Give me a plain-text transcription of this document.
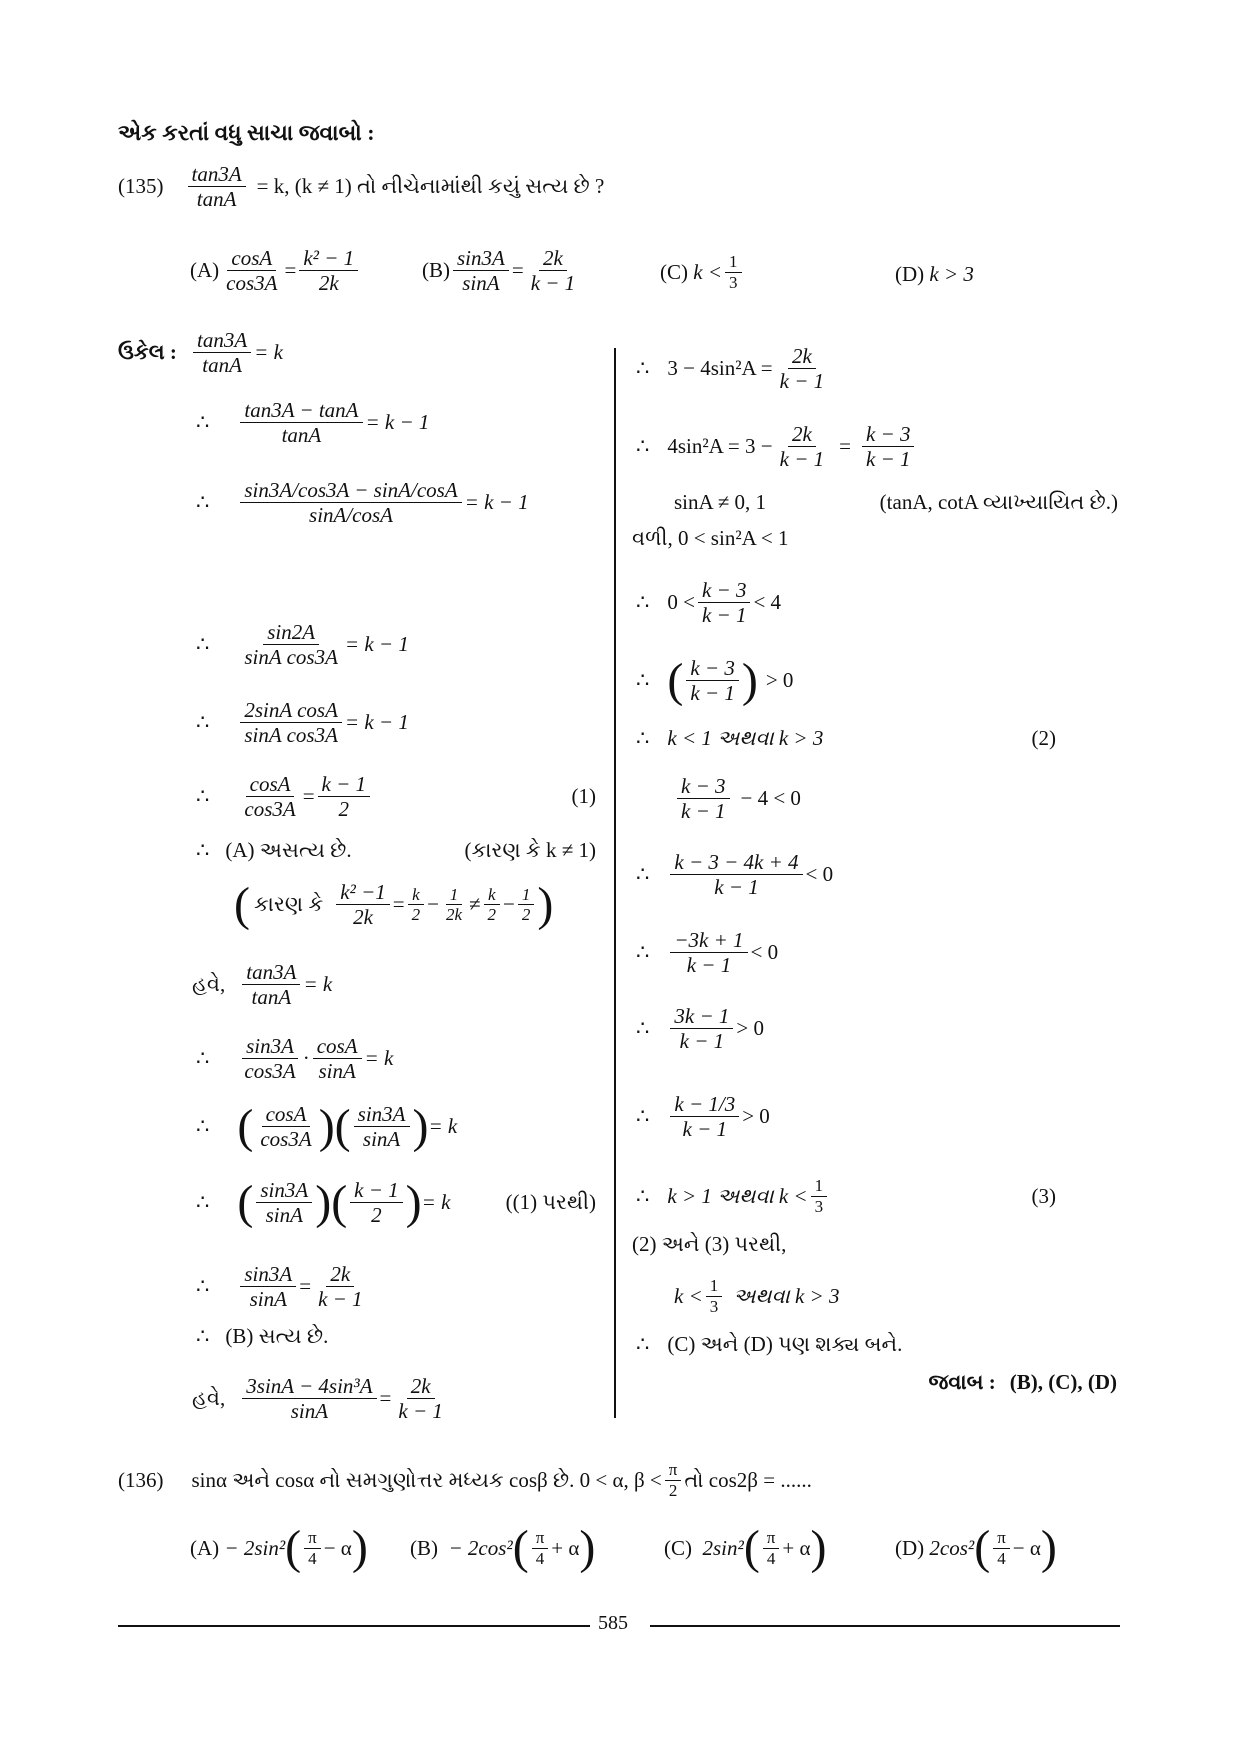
એક કરતાં વધુ સાચા જવાબો :
$(135) \frac{\tan 3A}{\tan A} = k$, (k ≠ 1) તો નીચેનામાંથી કયું સત્ય છે ?
$(A) \frac{\cos A}{\cos 3A} = \frac{\text{k² − 1}}{2k}$	$(B) \frac{\sin 3A}{\sin A} = \frac{2k}{k - 1}$	(C)
$k < \frac{1}{3}$	(D)
k > 3
ઉકેલ : $\frac{\tan 3A}{\tan A} = k$
∴ $\frac{\tan 3A - \tan A}{\tan A} = k - 1$
∴ $\frac{\sin 3A/\cos 3A - \sin A/\cos A}{\sin A/\cos A} = k - 1$
∴ $\frac{\sin 2A}{\text{sinA cos3A}} = k - 1$
∴ $\frac{\text{2sinA cosA}}{\text{sinA cos3A}} = k - 1$
∴ $\frac{\cos A}{\cos 3A} = \frac{k - 1}{2}$	(1)
∴ (A) અસત્ય છે.	(કારણ કે k ≠ 1)
( કારણ કે $\frac{\text{k² −1}}{2k} = \frac{k}{2} - \frac{1}{2k} \ne \frac{k}{2} - \frac{1}{2}$ )
હવે, $\frac{\tan 3A}{\tan A} = k$
∴ $\frac{\sin 3A}{\cos 3A} \cdot \frac{\cos A}{\sin A} = k$
∴ ( $\frac{\cos A}{\cos 3A}$ ) ( $\frac{\sin 3A}{\sin A}$ ) = k
∴ ( $\frac{\sin 3A}{\sin A}$ ) ( $\frac{k - 1}{2}$ ) = k	((1) પરથી)
∴ $\frac{\sin 3A}{\sin A} = \frac{2k}{k - 1}$
∴ (B) સત્ય છે.
હવે, $\frac{\text{3sinA − 4sin³A}}{\sin A} = \frac{2k}{k - 1}$
∴ $3 - 4\sin^2A = \frac{2k}{k - 1}$
∴ $4\sin^2A = 3 - \frac{2k}{k - 1} = \frac{k - 3}{k - 1}$
sinA ≠ 0, 1	(tanA, cotA વ્યાખ્યાયિત છે.)
વળી, 0 < sin²A < 1
∴ $0 < \frac{k - 3}{k - 1} < 4$
∴ ( $\frac{k - 3}{k - 1}$ ) > 0
∴ k < 1 અથવા k > 3	(2)
$\frac{k - 3}{k - 1} - 4 < 0$
∴ $\frac{k - 3 - 4k + 4}{k - 1} < 0$
∴ $\frac{-3k + 1}{k - 1} < 0$
∴ $\frac{3k - 1}{k - 1} > 0$
∴ $\frac{k - 1/3}{k - 1} > 0$
∴ k > 1 અથવા $k < \frac{1}{3}$	(3)
(2) અને (3) પરથી,
$k < \frac{1}{3}$ અથવા k > 3
∴ (C) અને (D) પણ શક્ય બને.
જવાબ : (B), (C), (D)
(136) sinα અને cosα નો સમગુણોત્તર મધ્યક cosβ છે. 0 < α, $\beta < \frac{\pi}{2}$ તો cos2β = ......
(A)
− 2sin² ( $\frac{\pi}{4} - \alpha$ ) (B)
− 2cos² ( $\frac{\pi}{4} + \alpha$ )	(C)
2sin² ( $\frac{\pi}{4} + \alpha$ )	(D)
2cos² ( $\frac{\pi}{4} - \alpha$ )
585
